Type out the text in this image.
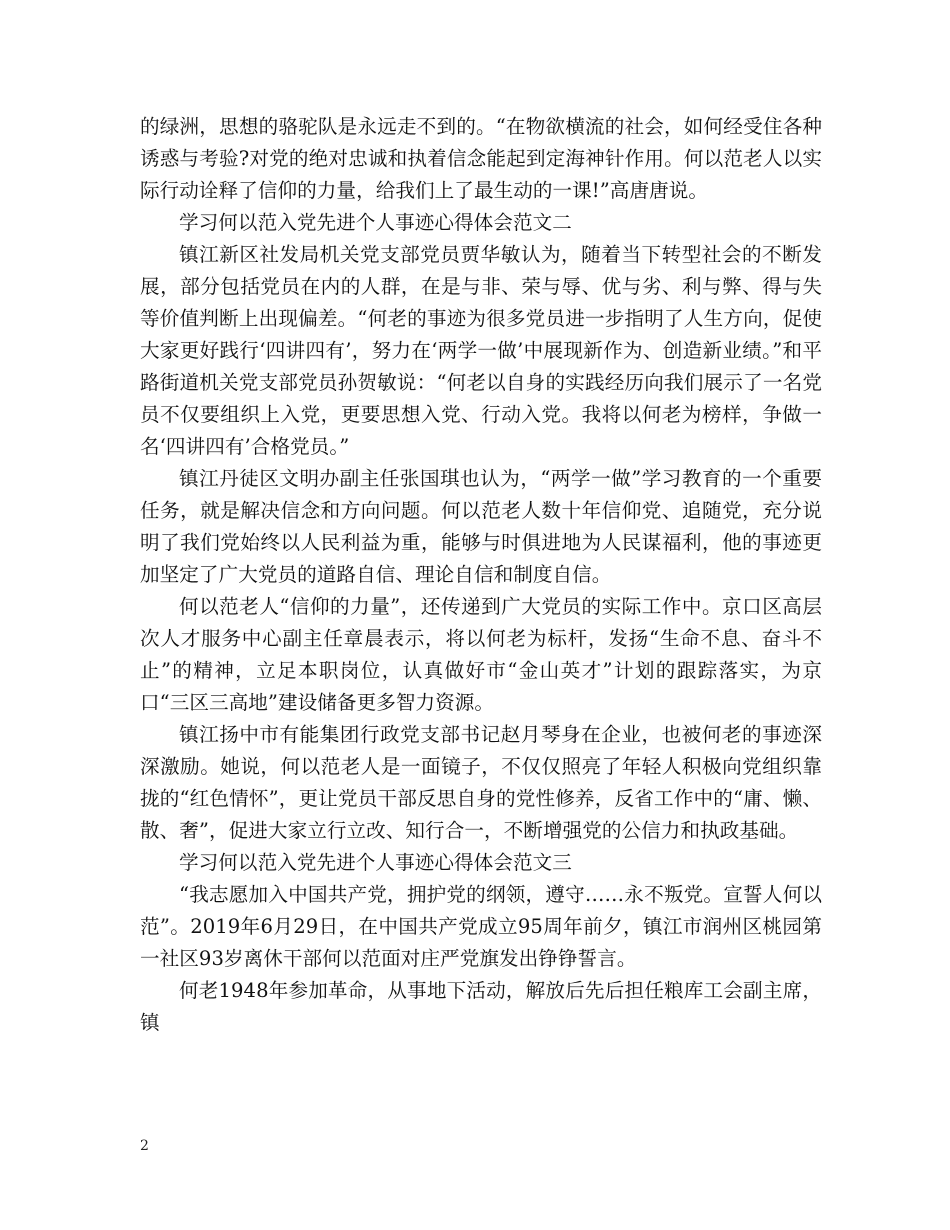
的绿洲，思想的骆驼队是永远走不到的。“在物欲横流的社会，如何经受住各种诱惑与考验?对党的绝对忠诚和执着信念能起到定海神针作用。何以范老人以实际行动诠释了信仰的力量，给我们上了最生动的一课!”高唐唐说。

学习何以范入党先进个人事迹心得体会范文二

镇江新区社发局机关党支部党员贾华敏认为，随着当下转型社会的不断发展，部分包括党员在内的人群，在是与非、荣与辱、优与劣、利与弊、得与失等价值判断上出现偏差。“何老的事迹为很多党员进一步指明了人生方向，促使大家更好践行‘四讲四有’，努力在‘两学一做’中展现新作为、创造新业绩。”和平路街道机关党支部党员孙贺敏说：“何老以自身的实践经历向我们展示了一名党员不仅要组织上入党，更要思想入党、行动入党。我将以何老为榜样，争做一名‘四讲四有’合格党员。”

镇江丹徒区文明办副主任张国琪也认为，“两学一做”学习教育的一个重要任务，就是解决信念和方向问题。何以范老人数十年信仰党、追随党，充分说明了我们党始终以人民利益为重，能够与时俱进地为人民谋福利，他的事迹更加坚定了广大党员的道路自信、理论自信和制度自信。

何以范老人“信仰的力量”，还传递到广大党员的实际工作中。京口区高层次人才服务中心副主任章晨表示，将以何老为标杆，发扬“生命不息、奋斗不止”的精神，立足本职岗位，认真做好市“金山英才”计划的跟踪落实，为京口“三区三高地”建设储备更多智力资源。

镇江扬中市有能集团行政党支部书记赵月琴身在企业，也被何老的事迹深深激励。她说，何以范老人是一面镜子，不仅仅照亮了年轻人积极向党组织靠拢的“红色情怀”，更让党员干部反思自身的党性修养，反省工作中的“庸、懒、散、奢”，促进大家立行立改、知行合一，不断增强党的公信力和执政基础。

学习何以范入党先进个人事迹心得体会范文三

“我志愿加入中国共产党，拥护党的纲领，遵守……永不叛党。宣誓人何以范”。2019年6月29日，在中国共产党成立95周年前夕，镇江市润州区桃园第一社区93岁离休干部何以范面对庄严党旗发出铮铮誓言。

何老1948年参加革命，从事地下活动，解放后先后担任粮库工会副主席，镇

2
